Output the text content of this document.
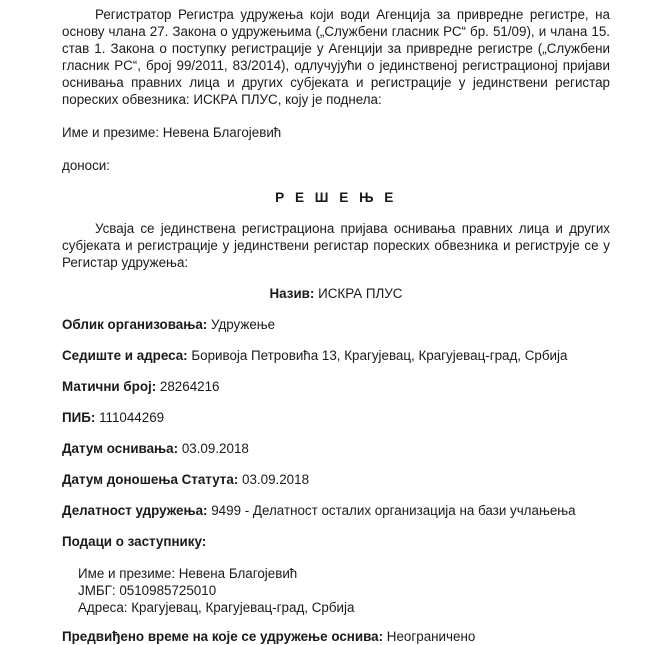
Регистратор Регистра удружења који води Агенција за привредне регистре, на основу члана 27. Закона о удружењима („Службени гласник РС“ бр. 51/09), и члана 15. став 1. Закона о поступку регистрације у Агенцији за привредне регистре („Службени гласник РС“, број 99/2011, 83/2014), одлучујући о јединственој регистрационој пријави оснивања правних лица и других субјеката и регистрације у јединствени регистар пореских обвезника: ИСКРА ПЛУС, коју је поднела:

Име и презиме: Невена Благојевић

доноси:

Р Е Ш Е Њ Е

Усваја се јединствена регистрациона пријава оснивања правних лица и других субјеката и регистрације у јединствени регистар пореских обвезника и региструје се у Регистар удружења:

Назив: ИСКРА ПЛУС

Облик организовања: Удружење

Седиште и адреса: Боривоја Петровића 13, Крагујевац, Крагујевац-град, Србија

Матични број: 28264216

ПИБ: 111044269

Датум оснивања: 03.09.2018

Датум доношења Статута: 03.09.2018

Делатност удружења: 9499 - Делатност осталих организација на бази учлањења

Подаци о заступнику:

Име и презиме: Невена Благојевић

ЈМБГ: 0510985725010

Адреса: Крагујевац, Крагујевац-град, Србија

Предвиђено време на које се удружење оснива: Неограничено
